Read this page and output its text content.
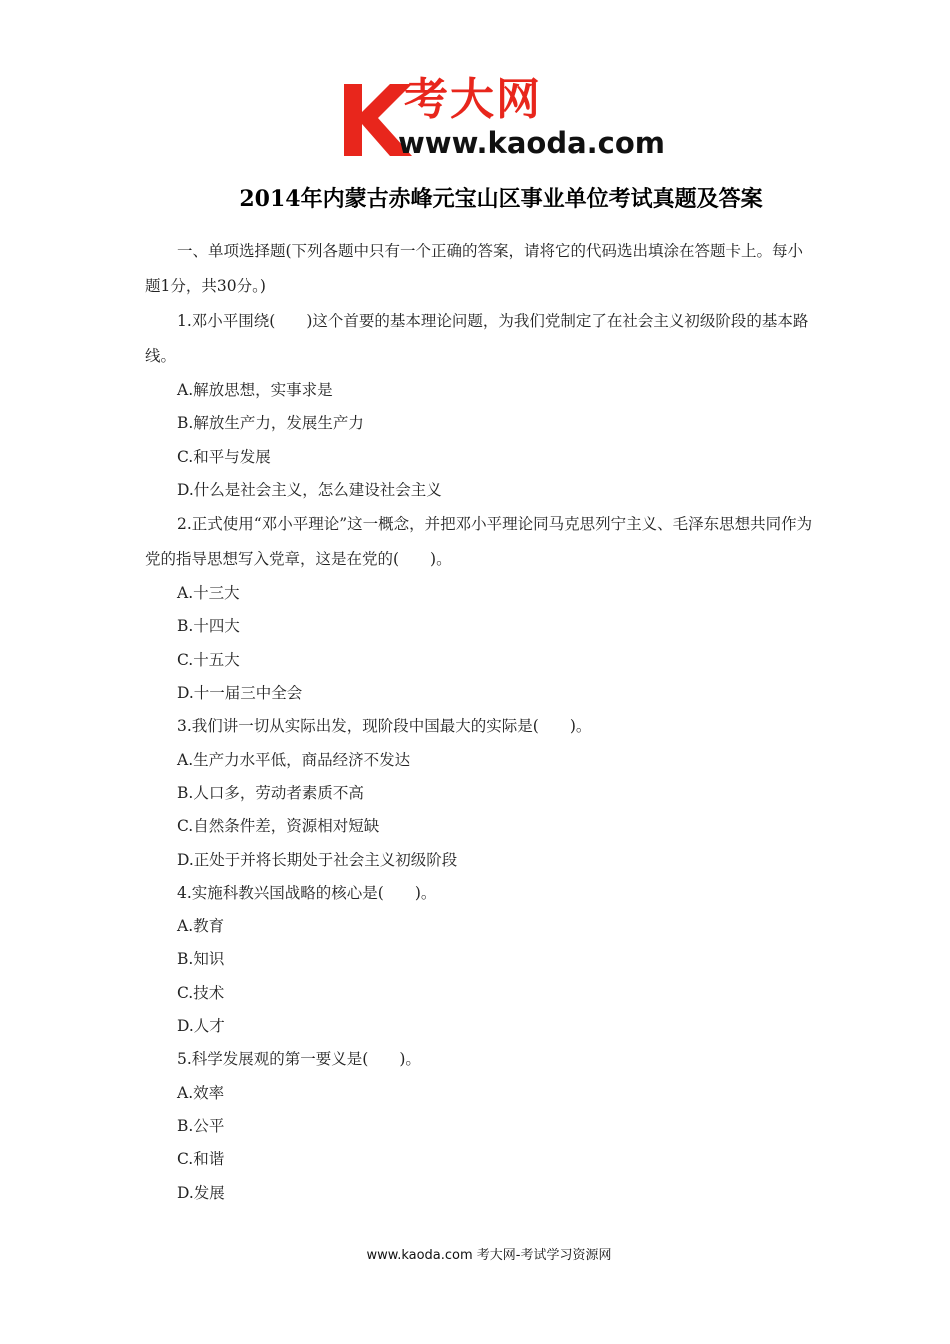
考大网
www.kaoda.com
2014年内蒙古赤峰元宝山区事业单位考试真题及答案
一、单项选择题(下列各题中只有一个正确的答案，请将它的代码选出填涂在答题卡上。每小题1分，共30分。)

1.邓小平围绕(　　)这个首要的基本理论问题，为我们党制定了在社会主义初级阶段的基本路线。

A.解放思想，实事求是

B.解放生产力，发展生产力

C.和平与发展

D.什么是社会主义，怎么建设社会主义

2.正式使用“邓小平理论”这一概念，并把邓小平理论同马克思列宁主义、毛泽东思想共同作为党的指导思想写入党章，这是在党的(　　)。

A.十三大

B.十四大

C.十五大

D.十一届三中全会

3.我们讲一切从实际出发，现阶段中国最大的实际是(　　)。

A.生产力水平低，商品经济不发达

B.人口多，劳动者素质不高

C.自然条件差，资源相对短缺

D.正处于并将长期处于社会主义初级阶段

4.实施科教兴国战略的核心是(　　)。

A.教育

B.知识

C.技术

D.人才

5.科学发展观的第一要义是(　　)。

A.效率

B.公平

C.和谐

D.发展

www.kaoda.com 考大网-考试学习资源网
